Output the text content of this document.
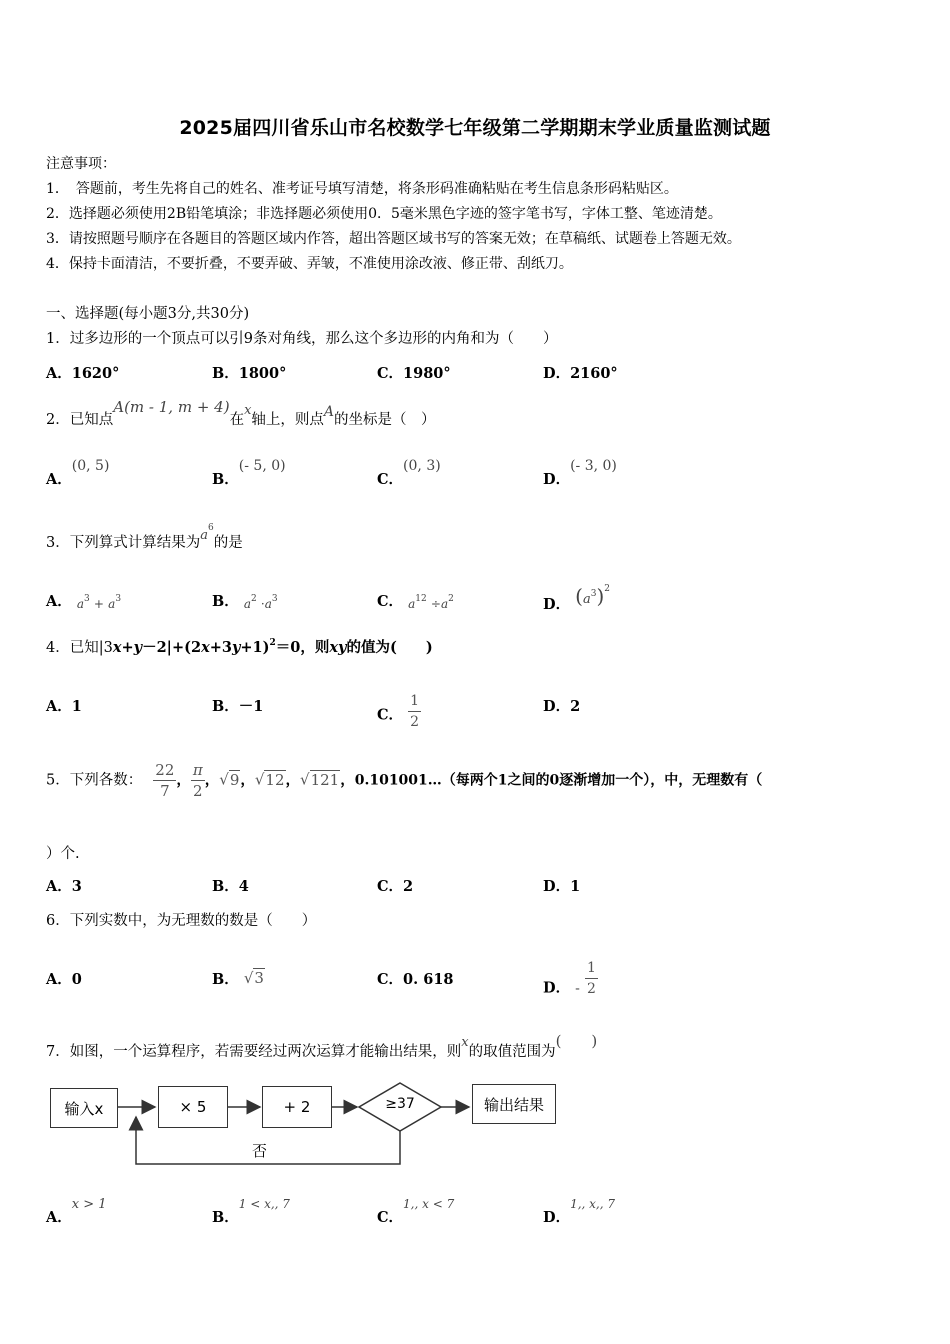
2025届四川省乐山市名校数学七年级第二学期期末学业质量监测试题
注意事项：
1．　答题前，考生先将自己的姓名、准考证号填写清楚，将条形码准确粘贴在考生信息条形码粘贴区。
2．选择题必须使用2B铅笔填涂；非选择题必须使用0．5毫米黑色字迹的签字笔书写，字体工整、笔迹清楚。
3．请按照题号顺序在各题目的答题区域内作答，超出答题区域书写的答案无效；在草稿纸、试题卷上答题无效。
4．保持卡面清洁，不要折叠，不要弄破、弄皱，不准使用涂改液、修正带、刮纸刀。
一、选择题(每小题3分,共30分)
1．过多边形的一个顶点可以引9条对角线，那么这个多边形的内角和为（　　）
A．1620°	B．1800°	C．1980°	D．2160°
2．已知点A(m - 1, m + 4)在x轴上，则点A的坐标是（　）
A．(0, 5)
B．(- 5, 0)
C．(0, 3)
D．(- 3, 0)
3．下列算式计算结果为$a^6$的是
A． $a^3 + a^3$	B． $a^2 \cdot a^3$	C． $a^{12} \div a^2$	D． $(a^3)^2$
4．已知$|3x+y-2|+(2x+3y+1)^2=0$，则xy的值为(　　)
A．1	B．－1	C． $\frac{1}{2}$	D．2
5．下列各数： $\frac{22}{7}$ ， $\frac{\pi}{2}$ ，√9，√12，√121，0.101001…（每两个1之间的0逐渐增加一个），中，无理数有（
）个.
A．3	B．4	C．2	D．1
6．下列实数中，为无理数的数是（　　）
A．0	B． √3	C．0. 618	D． - $\frac{1}{2}$
7．如图，一个运算程序，若需要经过两次运算才能输出结果，则x的取值范围为(　　)
输入x	× 5	+ 2	≥37	输出结果
否
A．x > 1
B．$^{1 < x,, 7}$
C．$^{1,, x < 7}$
D．$^{1,, x,, 7}$
